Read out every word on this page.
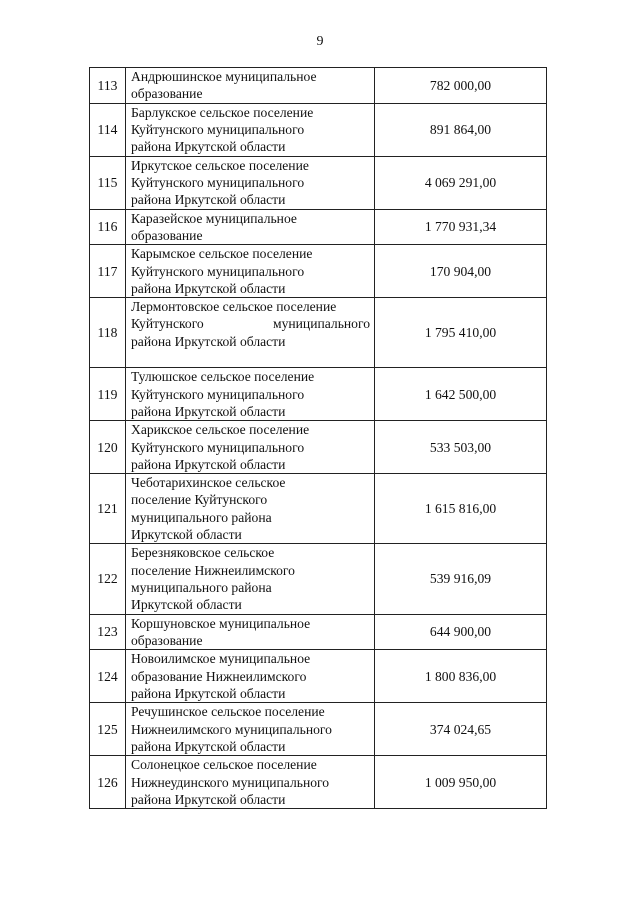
9
113	Андрюшинское муниципальное
образование	782 000,00
114	Барлукское сельское поселение
Куйтунского муниципального
района Иркутской области	891 864,00
115	Иркутское сельское поселение
Куйтунского муниципального
района Иркутской области	4 069 291,00
116	Каразейское муниципальное
образование	1 770 931,34
117	Карымское сельское поселение
Куйтунского муниципального
района Иркутской области	170 904,00
118	Лермонтовское сельское поселение
Куйтунского муниципального
района Иркутской области	1 795 410,00
119	Тулюшское сельское поселение
Куйтунского муниципального
района Иркутской области	1 642 500,00
120	Харикское сельское поселение
Куйтунского муниципального
района Иркутской области	533 503,00
121	Чеботарихинское сельское
поселение Куйтунского
муниципального района
Иркутской области	1 615 816,00
122	Березняковское сельское
поселение Нижнеилимского
муниципального района
Иркутской области	539 916,09
123	Коршуновское муниципальное
образование	644 900,00
124	Новоилимское муниципальное
образование Нижнеилимского
района Иркутской области	1 800 836,00
125	Речушинское сельское поселение
Нижнеилимского муниципального
района Иркутской области	374 024,65
126	Солонецкое сельское поселение
Нижнеудинского муниципального
района Иркутской области	1 009 950,00
